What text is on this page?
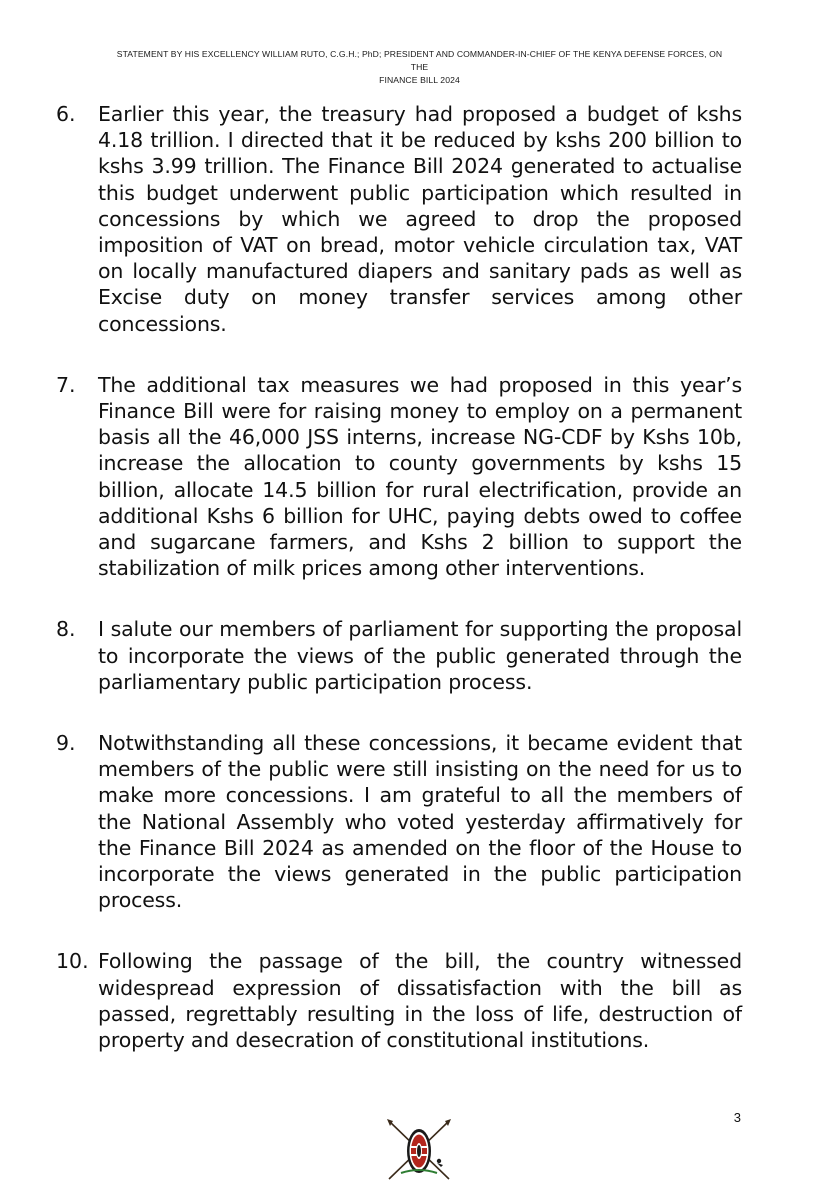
STATEMENT BY HIS EXCELLENCY WILLIAM RUTO, C.G.H.; PhD; PRESIDENT AND COMMANDER-IN-CHIEF OF THE KENYA DEFENSE FORCES, ON THE
FINANCE BILL 2024
6.	Earlier this year, the treasury had proposed a budget of kshs 4.18 trillion. I directed that it be reduced by kshs 200 billion to kshs 3.99 trillion. The Finance Bill 2024 generated to actualise this budget underwent public participation which resulted in concessions by which we agreed to drop the proposed imposition of VAT on bread, motor vehicle circulation tax, VAT on locally manufactured diapers and sanitary pads as well as Excise duty on money transfer services among other concessions.
7.	The additional tax measures we had proposed in this year’s Finance Bill were for raising money to employ on a permanent basis all the 46,000 JSS interns, increase NG-CDF by Kshs 10b, increase the allocation to county governments by kshs 15 billion, allocate 14.5 billion for rural electrification, provide an additional Kshs 6 billion for UHC, paying debts owed to coffee and sugarcane farmers, and Kshs 2 billion to support the stabilization of milk prices among other interventions.
8.	I salute our members of parliament for supporting the proposal to incorporate the views of the public generated through the parliamentary public participation process.
9.	Notwithstanding all these concessions, it became evident that members of the public were still insisting on the need for us to make more concessions. I am grateful to all the members of the National Assembly who voted yesterday affirmatively for the Finance Bill 2024 as amended on the floor of the House to incorporate the views generated in the public participation process.
10. Following the passage of the bill, the country witnessed widespread expression of dissatisfaction with the bill as passed, regrettably resulting in the loss of life, destruction of property and desecration of constitutional institutions.
3
